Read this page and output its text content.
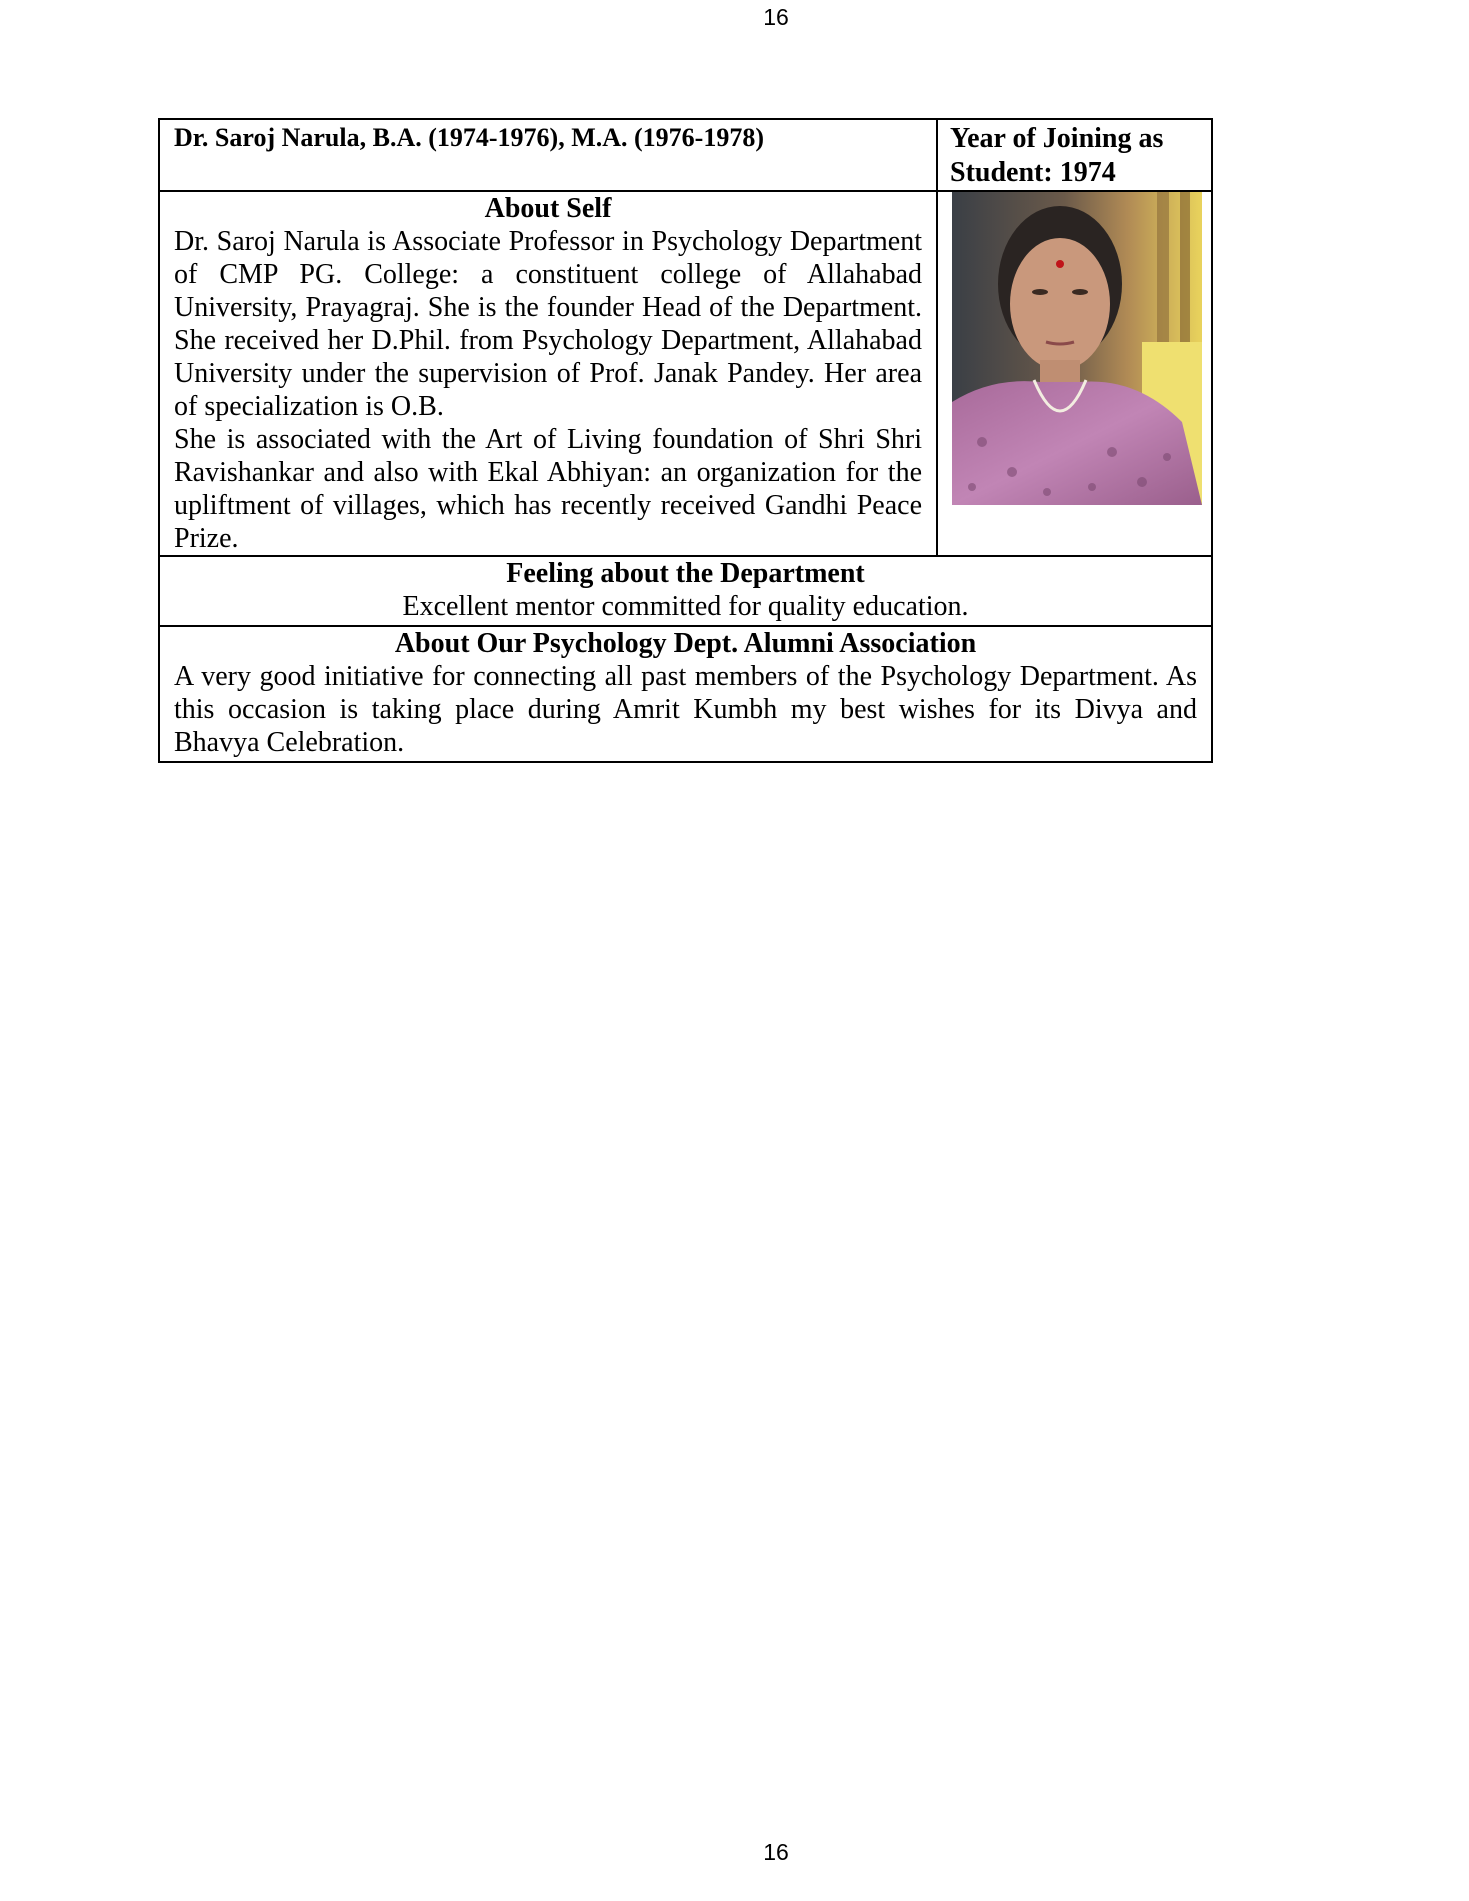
16
Dr. Saroj Narula, B.A. (1974-1976), M.A. (1976-1978)	Year of Joining as
Student: 1974

About Self
Dr. Saroj Narula is Associate Professor in Psychology Department of CMP PG. College: a constituent college of Allahabad University, Prayagraj. She is the founder Head of the Department. She received her D.Phil. from Psychology Department, Allahabad University under the supervision of Prof. Janak Pandey. Her area of specialization is O.B.
She is associated with the Art of Living foundation of Shri Shri Ravishankar and also with Ekal Abhiyan: an organization for the upliftment of villages, which has recently received Gandhi Peace Prize.

Feeling about the Department
Excellent mentor committed for quality education.	

About Our Psychology Dept. Alumni Association
A very good initiative for connecting all past members of the Psychology Department. As this occasion is taking place during Amrit Kumbh my best wishes for its Divya and Bhavya Celebration.	
16
